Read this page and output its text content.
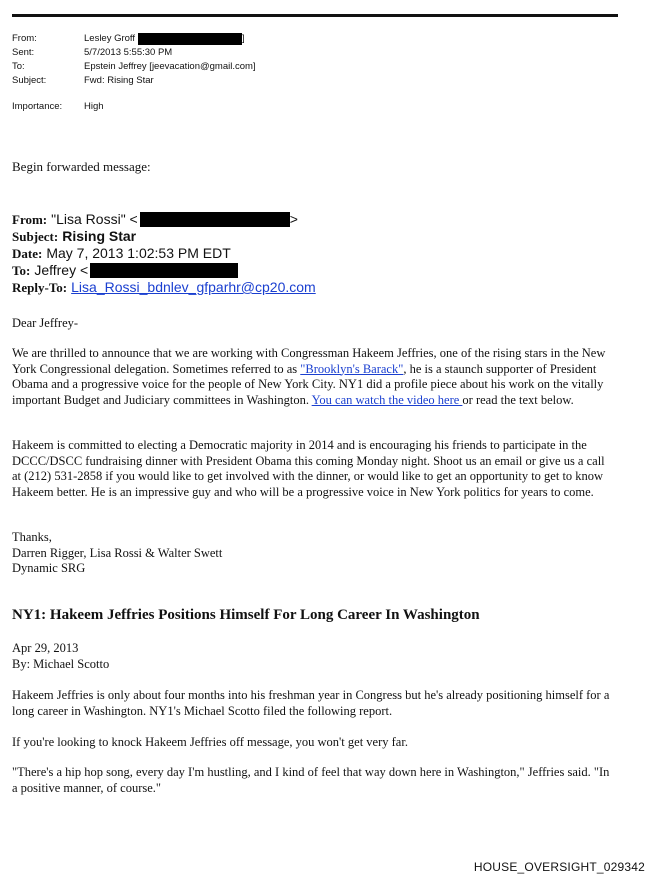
From:	Lesley Groff	]
Sent:	5/7/2013 5:55:30 PM
To:	Epstein Jeffrey [jeevacation@gmail.com]
Subject:	Fwd: Rising Star
Importance:	High
Begin forwarded message:
From: "Lisa Rossi" <	>
Subject: Rising Star
Date: May 7, 2013 1:02:53 PM EDT
To: Jeffrey <
Reply-To: Lisa_Rossi_bdnlev_gfparhr@cp20.com

Dear Jeffrey-

We are thrilled to announce that we are working with Congressman Hakeem Jeffries, one of the rising stars in the New York Congressional delegation. Sometimes referred to as "Brooklyn's Barack", he is a staunch supporter of President Obama and a progressive voice for the people of New York City. NY1 did a profile piece about his work on the vitally important Budget and Judiciary committees in Washington. You can watch the video here or read the text below.

Hakeem is committed to electing a Democratic majority in 2014 and is encouraging his friends to participate in the DCCC/DSCC fundraising dinner with President Obama this coming Monday night. Shoot us an email or give us a call at (212) 531-2858 if you would like to get involved with the dinner, or would like to get an opportunity to get to know Hakeem better. He is an impressive guy and who will be a progressive voice in New York politics for years to come.

Thanks,
Darren Rigger, Lisa Rossi & Walter Swett
Dynamic SRG
NY1: Hakeem Jeffries Positions Himself For Long Career In Washington
Apr 29, 2013
By: Michael Scotto

Hakeem Jeffries is only about four months into his freshman year in Congress but he's already positioning himself for a long career in Washington. NY1's Michael Scotto filed the following report.

If you're looking to knock Hakeem Jeffries off message, you won't get very far.

"There's a hip hop song, every day I'm hustling, and I kind of feel that way down here in Washington," Jeffries said. "In a positive manner, of course."

HOUSE_OVERSIGHT_029342
